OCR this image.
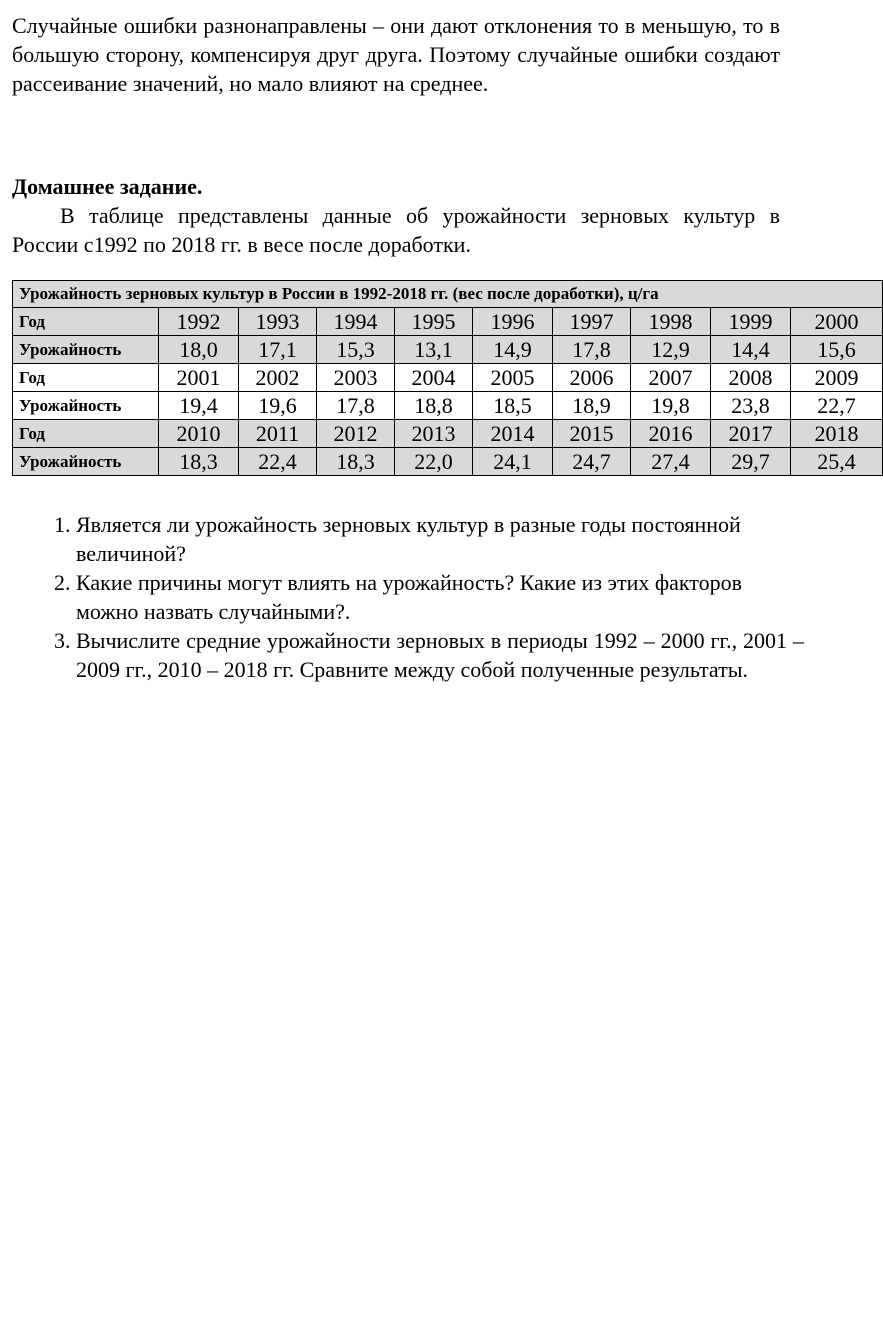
Случайные ошибки разнонаправлены – они дают отклонения то в меньшую, то в большую сторону, компенсируя друг друга. Поэтому случайные ошибки создают рассеивание значений, но мало влияют на среднее.

Домашнее задание.

В таблице представлены данные об урожайности зерновых культур в России с1992 по 2018 гг. в весе после доработки.

Урожайность зерновых культур в России в 1992-2018 гг. (вес после доработки), ц/га									
Год	1992	1993	1994	1995	1996	1997	1998	1999	2000
Урожайность	18,0	17,1	15,3	13,1	14,9	17,8	12,9	14,4	15,6
Год	2001	2002	2003	2004	2005	2006	2007	2008	2009
Урожайность	19,4	19,6	17,8	18,8	18,5	18,9	19,8	23,8	22,7
Год	2010	2011	2012	2013	2014	2015	2016	2017	2018
Урожайность	18,3	22,4	18,3	22,0	24,1	24,7	27,4	29,7	25,4
1. Является ли урожайность зерновых культур в разные годы постоянной величиной?
2. Какие причины могут влиять на урожайность? Какие из этих факторов можно назвать случайными?.
3. Вычислите средние урожайности зерновых в периоды 1992 – 2000 гг., 2001 – 2009 гг., 2010 – 2018 гг. Сравните между собой полученные результаты.
